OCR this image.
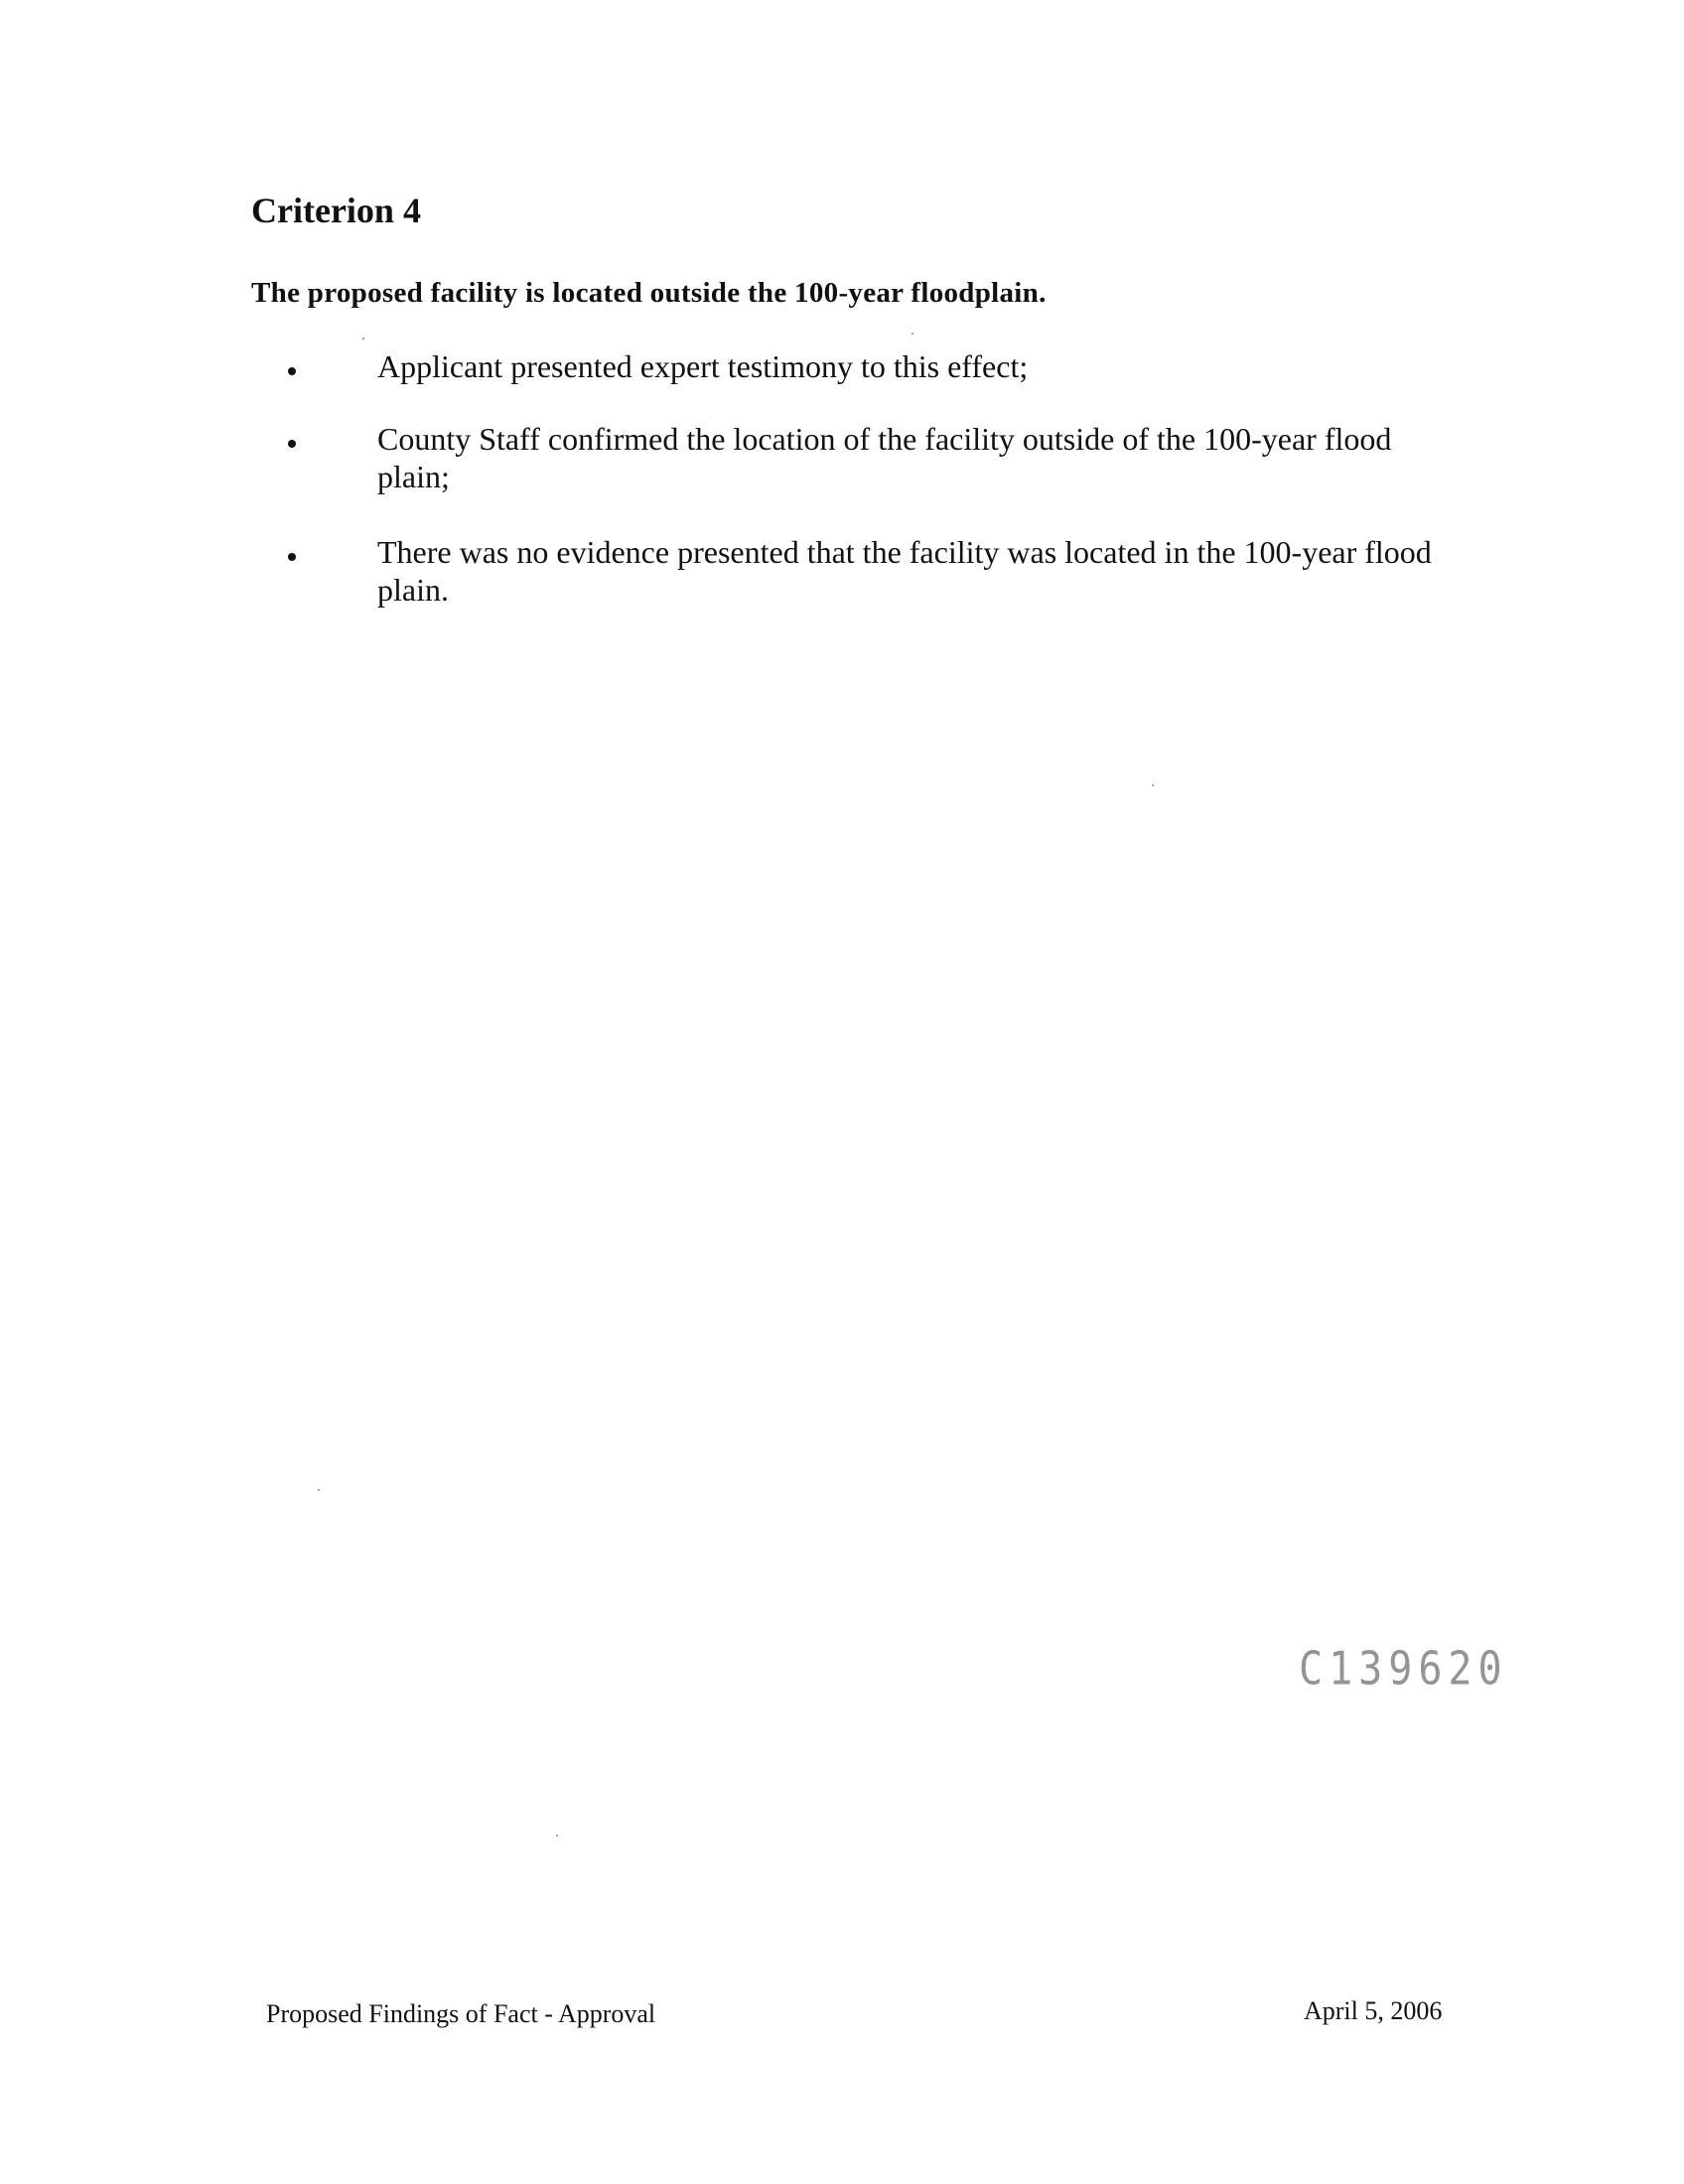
Criterion 4

The proposed facility is located outside the 100-year floodplain.

Applicant presented expert testimony to this effect;
County Staff confirmed the location of the facility outside of the 100-year flood plain;
There was no evidence presented that the facility was located in the 100-year flood plain.
C139620
Proposed Findings of Fact - Approval	April 5, 2006
